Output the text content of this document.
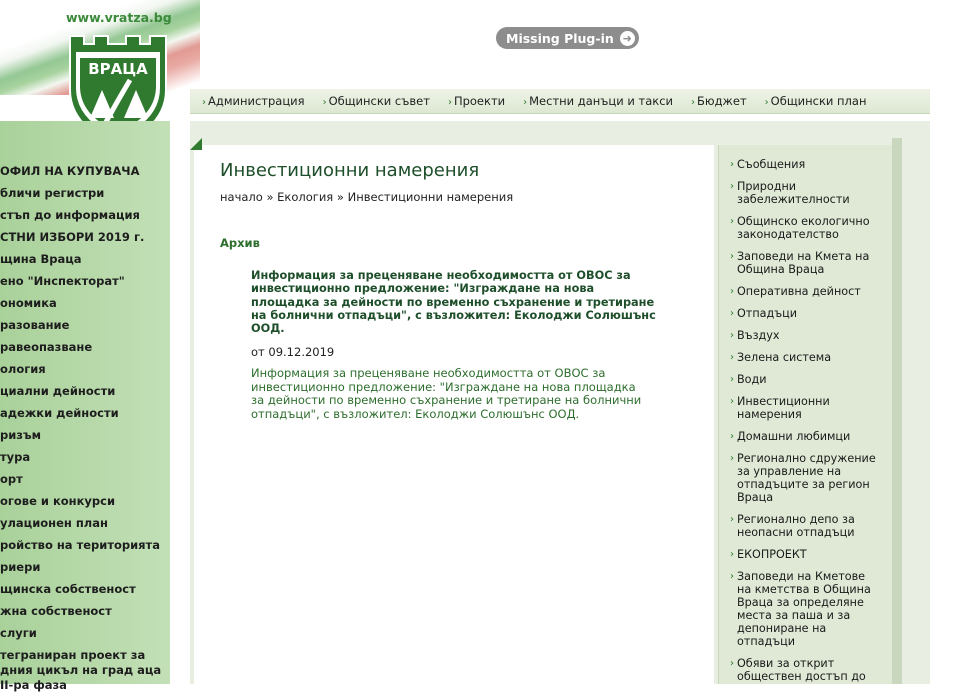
www.vratza.bg
ВРАЦА
Missing Plug-in ➜
› Администрация	› Общински съвет	› Проекти	› Местни данъци и такси	› Бюджет	› Общински план
ОФИЛ НА КУПУВАЧА
бличи регистри
стъп до информация
СТНИ ИЗБОРИ 2019 г.
щина Враца
ено "Инспекторат"
ономика
разование
равеопазване
ология
циални дейности
адежки дейности
ризъм
тура
орт
огове и конкурси
улационен план
ройство на територията
риери
щинска собственост
жна собственост
слуги
теграниран проект за дния цикъл на град аца II-ра фаза
Инвестиционни намерения
начало » Екология » Инвестиционни намерения
Архив
Информация за преценяване необходимостта от ОВОС за инвестиционно предложение: "Изграждане на нова площадка за дейности по временно съхранение и третиране на болнични отпадъци", с възложител: Еколоджи Солюшънс ООД.
от 09.12.2019
Информация за преценяване необходимостта от ОВОС за инвестиционно предложение: "Изграждане на нова площадка за дейности по временно съхранение и третиране на болнични отпадъци", с възложител: Еколоджи Солюшънс ООД.
› Съобщения
› Природни забележителности
› Общинско екологично законодателство
› Заповеди на Кмета на Община Враца
› Оперативна дейност
› Отпадъци
› Въздух
› Зелена система
› Води
› Инвестиционни намерения
› Домашни любимци
› Регионално сдружение за управление на отпадъците за регион Враца
› Регионално депо за неопасни отпадъци
› ЕКОПРОЕКТ
› Заповеди на Кметове на кметства в Община Враца за определяне места за паша и за депониране на отпадъци
› Обяви за открит обществен достъп до
